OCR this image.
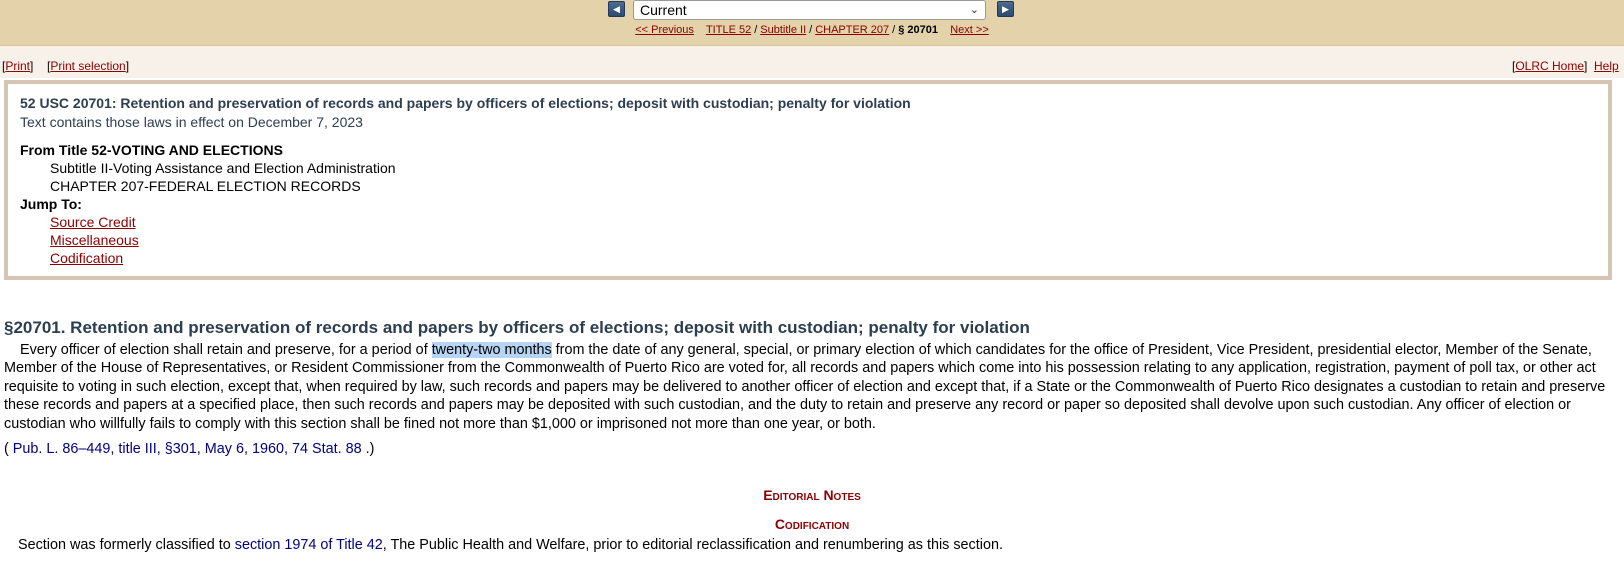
◀	Current	⌄	▶
<< Previous TITLE 52 / Subtitle II / CHAPTER 207 / § 20701 Next >>
[Print] [Print selection]	[OLRC Home] Help
52 USC 20701: Retention and preservation of records and papers by officers of elections; deposit with custodian; penalty for violation
Text contains those laws in effect on December 7, 2023
From Title 52-VOTING AND ELECTIONS
Subtitle II-Voting Assistance and Election Administration
CHAPTER 207-FEDERAL ELECTION RECORDS
Jump To:
Source Credit
Miscellaneous
Codification
§20701. Retention and preservation of records and papers by officers of elections; deposit with custodian; penalty for violation
Every officer of election shall retain and preserve, for a period of twenty-two months from the date of any general, special, or primary election of which candidates for the office of President, Vice President, presidential elector, Member of the Senate, Member of the House of Representatives, or Resident Commissioner from the Commonwealth of Puerto Rico are voted for, all records and papers which come into his possession relating to any application, registration, payment of poll tax, or other act requisite to voting in such election, except that, when required by law, such records and papers may be delivered to another officer of election and except that, if a State or the Commonwealth of Puerto Rico designates a custodian to retain and preserve these records and papers at a specified place, then such records and papers may be deposited with such custodian, and the duty to retain and preserve any record or paper so deposited shall devolve upon such custodian. Any officer of election or custodian who willfully fails to comply with this section shall be fined not more than $1,000 or imprisoned not more than one year, or both.
( Pub. L. 86–449, title III, §301, May 6, 1960, 74 Stat. 88 .)
Editorial Notes
Codification
Section was formerly classified to section 1974 of Title 42, The Public Health and Welfare, prior to editorial reclassification and renumbering as this section.
